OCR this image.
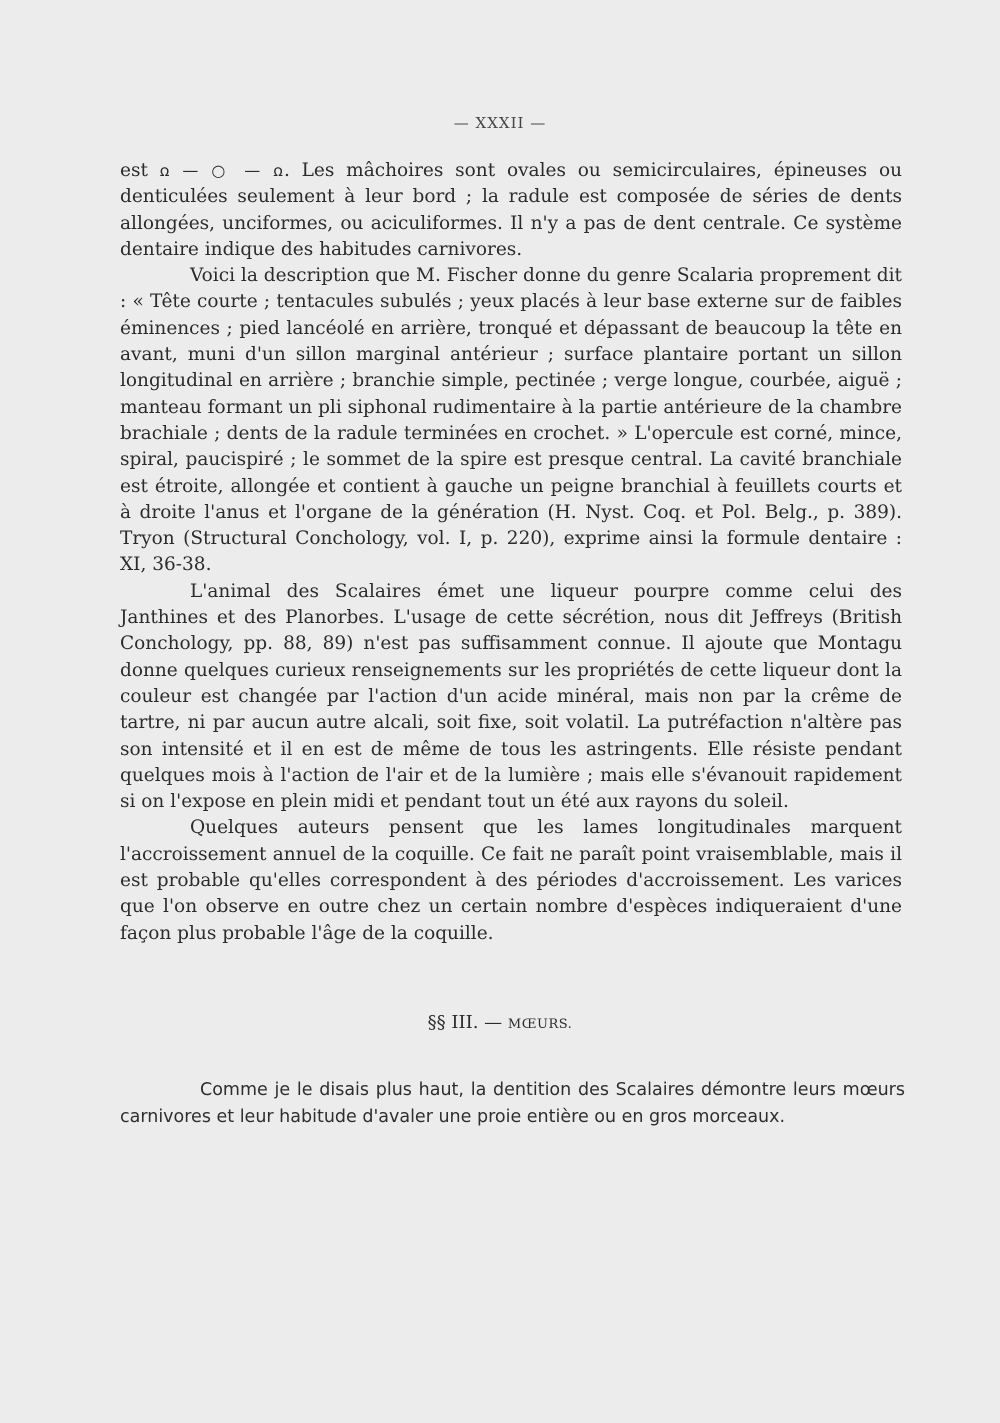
— XXXII —

est ꭥ — ○ — ꭥ. Les mâchoires sont ovales ou semicirculaires, épineuses ou denticulées seulement à leur bord ; la radule est composée de séries de dents allongées, unciformes, ou aciculiformes. Il n'y a pas de dent centrale. Ce système dentaire indique des habitudes carnivores.

Voici la description que M. Fischer donne du genre Scalaria proprement dit : « Tête courte ; tentacules subulés ; yeux placés à leur base externe sur de faibles éminences ; pied lancéolé en arrière, tronqué et dépassant de beaucoup la tête en avant, muni d'un sillon marginal antérieur ; surface plantaire portant un sillon longitudinal en arrière ; branchie simple, pectinée ; verge longue, courbée, aiguë ; manteau formant un pli siphonal rudimentaire à la partie antérieure de la chambre brachiale ; dents de la radule terminées en crochet. » L'opercule est corné, mince, spiral, paucispiré ; le sommet de la spire est presque central. La cavité branchiale est étroite, allongée et contient à gauche un peigne branchial à feuillets courts et à droite l'anus et l'organe de la génération (H. Nyst. Coq. et Pol. Belg., p. 389). Tryon (Structural Conchology, vol. I, p. 220), exprime ainsi la formule dentaire : XI, 36-38.

L'animal des Scalaires émet une liqueur pourpre comme celui des Janthines et des Planorbes. L'usage de cette sécrétion, nous dit Jeffreys (British Conchology, pp. 88, 89) n'est pas suffisamment connue. Il ajoute que Montagu donne quelques curieux renseignements sur les propriétés de cette liqueur dont la couleur est changée par l'action d'un acide minéral, mais non par la crême de tartre, ni par aucun autre alcali, soit fixe, soit volatil. La putréfaction n'altère pas son intensité et il en est de même de tous les astringents. Elle résiste pendant quelques mois à l'action de l'air et de la lumière ; mais elle s'évanouit rapidement si on l'expose en plein midi et pendant tout un été aux rayons du soleil.

Quelques auteurs pensent que les lames longitudinales marquent l'accroissement annuel de la coquille. Ce fait ne paraît point vraisemblable, mais il est probable qu'elles correspondent à des périodes d'accroissement. Les varices que l'on observe en outre chez un certain nombre d'espèces indiqueraient d'une façon plus probable l'âge de la coquille.

§§ III. — MŒURS.

Comme je le disais plus haut, la dentition des Scalaires démontre leurs mœurs carnivores et leur habitude d'avaler une proie entière ou en gros morceaux.
